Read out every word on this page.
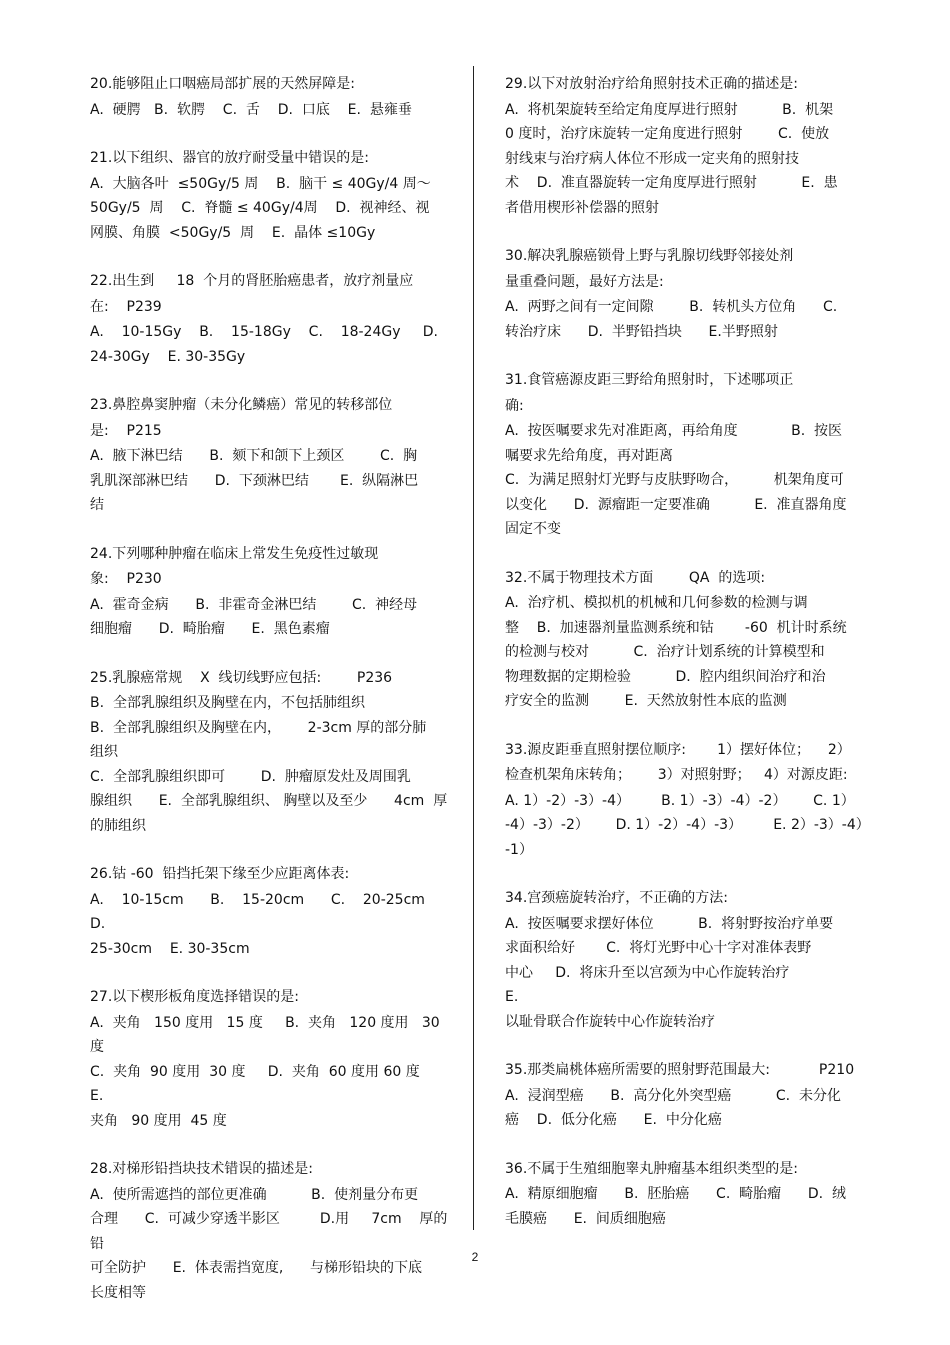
20.能够阻止口咽癌局部扩展的天然屏障是:

A.  硬腭   B.  软腭    C.  舌    D.  口底    E.  悬雍垂

21.以下组织、器官的放疗耐受量中错误的是:

A.  大脑各叶  ≤50Gy/5 周    B.  脑干 ≤ 40Gy/4 周～

50Gy/5  周    C.  脊髓 ≤ 40Gy/4周    D.  视神经、视

网膜、角膜  <50Gy/5  周    E.  晶体 ≤10Gy

22.出生到     18  个月的肾胚胎癌患者，放疗剂量应

在:    P239

A.    10-15Gy    B.    15-18Gy    C.    18-24Gy     D.

24-30Gy    E. 30-35Gy

23.鼻腔鼻窦肿瘤（未分化鳞癌）常见的转移部位

是:    P215

A.  腋下淋巴结      B.  颏下和颌下上颈区        C.  胸

乳肌深部淋巴结      D.  下颈淋巴结       E.  纵隔淋巴

结

24.下列哪种肿瘤在临床上常发生免疫性过敏现

象:    P230

A.  霍奇金病      B.  非霍奇金淋巴结        C.  神经母

细胞瘤      D.  畸胎瘤      E.  黑色素瘤

25.乳腺癌常规    X  线切线野应包括:        P236

B.  全部乳腺组织及胸壁在内，不包括肺组织

B.  全部乳腺组织及胸壁在内，      2-3cm 厚的部分肺

组织

C.  全部乳腺组织即可        D.  肿瘤原发灶及周围乳

腺组织      E.  全部乳腺组织、 胸壁以及至少      4cm  厚

的肺组织

26.钴 -60  铅挡托架下缘至少应距离体表:

A.    10-15cm      B.    15-20cm      C.    20-25cm      D.

25-30cm    E. 30-35cm

27.以下楔形板角度选择错误的是:

A.  夹角   150 度用   15 度     B.  夹角   120 度用   30 度

C.  夹角  90 度用  30 度     D.  夹角  60 度用 60 度     E.

夹角   90 度用  45 度

28.对梯形铅挡块技术错误的描述是:

A.  使所需遮挡的部位更准确          B.  使剂量分布更

合理      C.  可减少穿透半影区         D.用     7cm    厚的铅

可全防护      E.  体表需挡宽度,      与梯形铅块的下底

长度相等

29.以下对放射治疗给角照射技术正确的描述是:

A.  将机架旋转至给定角度厚进行照射          B.  机架

0 度时，治疗床旋转一定角度进行照射        C.  使放

射线束与治疗病人体位不形成一定夹角的照射技

术    D.  准直器旋转一定角度厚进行照射          E.  患

者借用楔形补偿器的照射

30.解决乳腺癌锁骨上野与乳腺切线野邻接处剂

量重叠问题，最好方法是:

A.  两野之间有一定间隙        B.  转机头方位角      C.

转治疗床      D.  半野铅挡块      E.半野照射

31.食管癌源皮距三野给角照射时，下述哪项正

确:

A.  按医嘱要求先对准距离，再给角度            B.  按医

嘱要求先给角度，再对距离

C.  为满足照射灯光野与皮肤野吻合，        机架角度可

以变化      D.  源瘤距一定要准确          E.  准直器角度

固定不变

32.不属于物理技术方面        QA  的选项:

A.  治疗机、模拟机的机械和几何参数的检测与调

整    B.  加速器剂量监测系统和钴       -60  机计时系统

的检测与校对          C.  治疗计划系统的计算模型和

物理数据的定期检验          D.  腔内组织间治疗和治

疗安全的监测        E.  天然放射性本底的监测

33.源皮距垂直照射摆位顺序:       1）摆好体位；    2）

检查机架角床转角；      3）对照射野；   4）对源皮距:

A. 1）-2）-3）-4）       B. 1）-3）-4）-2）      C. 1）

-4）-3）-2）      D. 1）-2）-4）-3）       E. 2）-3）-4）

-1）

34.宫颈癌旋转治疗，不正确的方法:

A.  按医嘱要求摆好体位          B.  将射野按治疗单要

求面积给好       C.  将灯光野中心十字对准体表野

中心     D.  将床升至以宫颈为中心作旋转治疗              E.

以耻骨联合作旋转中心作旋转治疗

35.那类扁桃体癌所需要的照射野范围最大:           P210

A.  浸润型癌      B.  高分化外突型癌          C.  未分化

癌    D.  低分化癌      E.  中分化癌

36.不属于生殖细胞睾丸肿瘤基本组织类型的是:

A.  精原细胞瘤      B.  胚胎癌      C.  畸胎瘤      D.  绒

毛膜癌      E.  间质细胞癌

2
